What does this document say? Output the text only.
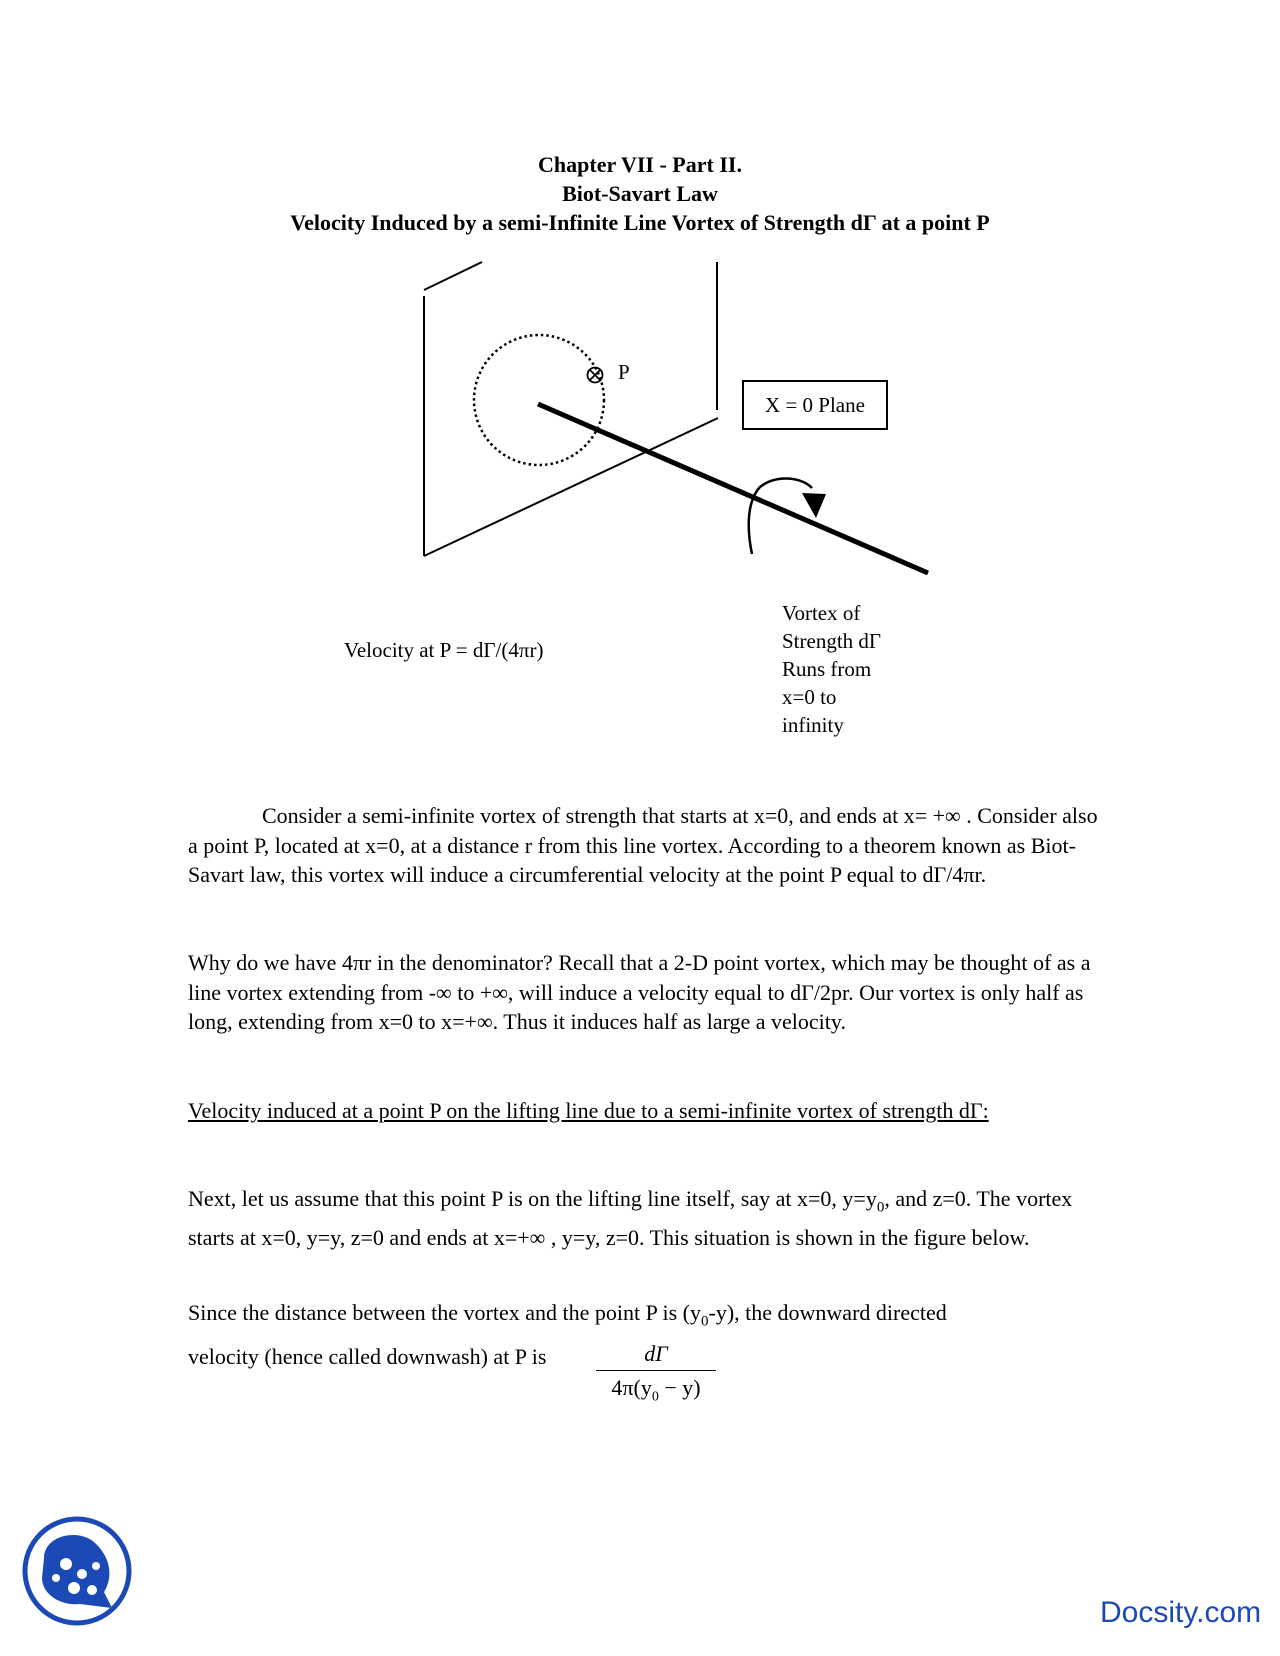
Chapter VII - Part II.
Biot-Savart Law
Velocity Induced by a semi-Infinite Line Vortex of Strength dΓ at a point P
P
X = 0 Plane
Velocity at P = dΓ/(4πr)
Vortex of
Strength dΓ
Runs from
x=0 to
infinity

Consider a semi-infinite vortex of strength that starts at x=0, and ends at x= +∞ . Consider also a point P, located at x=0, at a distance r from this line vortex. According to a theorem known as Biot-Savart law, this vortex will induce a circumferential velocity at the point P equal to dΓ/4πr.

Why do we have 4πr in the denominator? Recall that a 2-D point vortex, which may be thought of as a line vortex extending from -∞ to +∞, will induce a velocity equal to dΓ/2pr. Our vortex is only half as long, extending from x=0 to x=+∞. Thus it induces half as large a velocity.
Velocity induced at a point P on the lifting line due to a semi-infinite vortex of strength dΓ:
Next, let us assume that this point P is on the lifting line itself, say at x=0, $y=y_0$, and z=0. The vortex starts at x=0, y=y, z=0 and ends at x=+∞ , y=y, z=0. This situation is shown in the figure below.
Since the distance between the vortex and the point P is $(y_0-y)$, the downward directed
velocity (hence called downwash) at P is	dΓ
$4\pi(y_0 - y)$
Docsity.com
